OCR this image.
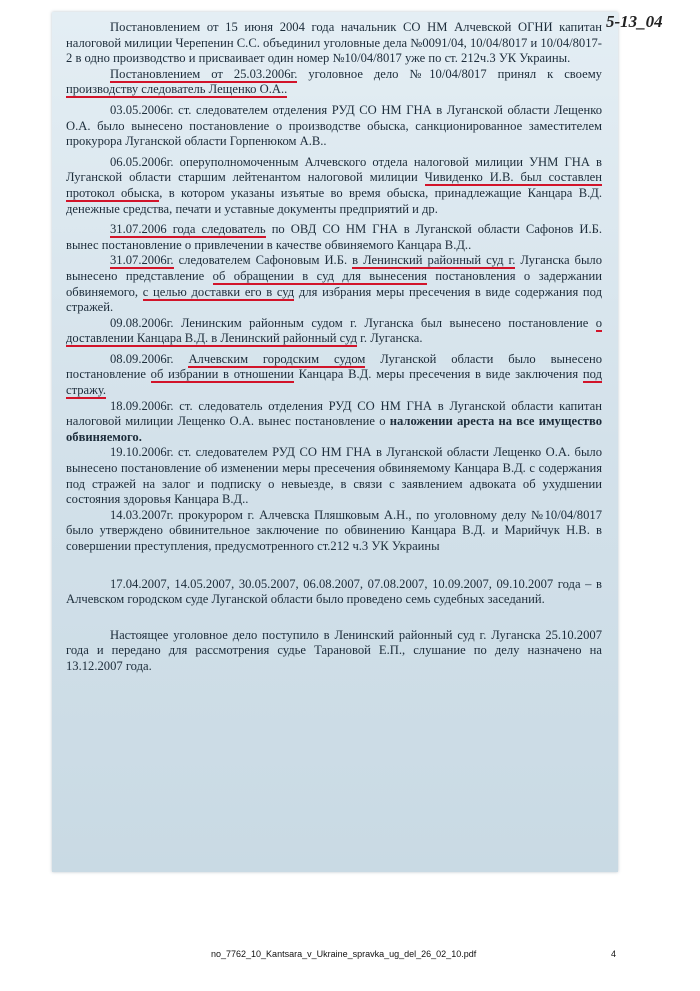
Постановлением от 15 июня 2004 года начальник СО НМ Алчевской ОГНИ капитан налоговой милиции Черепенин С.С. объединил уголовные дела №0091/04, 10/04/8017 и 10/04/8017-2 в одно производство и присваивает один номер №10/04/8017 уже по ст. 212ч.3 УК Украины.

Постановлением от 25.03.2006г. уголовное дело №10/04/8017 принял к своему производству следователь Лещенко О.А..

03.05.2006г. ст. следователем отделения РУД СО НМ ГНА в Луганской области Лещенко О.А. было вынесено постановление о производстве обыска, санкционированное заместителем прокурора Луганской области Горпенюком А.В..

06.05.2006г. оперуполномоченным Алчевского отдела налоговой милиции УНМ ГНА в Луганской области старшим лейтенантом налоговой милиции Чивиденко И.В. был составлен протокол обыска, в котором указаны изъятые во время обыска, принадлежащие Канцара В.Д. денежные средства, печати и уставные документы предприятий и др.

31.07.2006 года следователь по ОВД СО НМ ГНА в Луганской области Сафонов И.Б. вынес постановление о привлечении в качестве обвиняемого Канцара В.Д..

31.07.2006г. следователем Сафоновым И.Б. в Ленинский районный суд г. Луганска было вынесено представление об обращении в суд для вынесения постановления о задержании обвиняемого, с целью доставки его в суд для избрания меры пресечения в виде содержания под стражей.

09.08.2006г. Ленинским районным судом г. Луганска был вынесено постановление о доставлении Канцара В.Д. в Ленинский районный суд г. Луганска.

08.09.2006г. Алчевским городским судом Луганской области было вынесено постановление об избрании в отношении Канцара В.Д. меры пресечения в виде заключения под стражу.

18.09.2006г. ст. следователь отделения РУД СО НМ ГНА в Луганской области капитан налоговой милиции Лещенко О.А. вынес постановление о наложении ареста на все имущество обвиняемого.

19.10.2006г. ст. следователем РУД СО НМ ГНА в Луганской области Лещенко О.А. было вынесено постановление об изменении меры пресечения обвиняемому Канцара В.Д. с содержания под стражей на залог и подписку о невыезде, в связи с заявлением адвоката об ухудшении состояния здоровья Канцара В.Д..

14.03.2007г. прокурором г. Алчевска Пляшковым А.Н., по уголовному делу №10/04/8017 было утверждено обвинительное заключение по обвинению Канцара В.Д. и Марийчук Н.В. в совершении преступления, предусмотренного ст.212 ч.3 УК Украины

17.04.2007, 14.05.2007, 30.05.2007, 06.08.2007, 07.08.2007, 10.09.2007, 09.10.2007 года – в Алчевском городском суде Луганской области было проведено семь судебных заседаний.

Настоящее уголовное дело поступило в Ленинский районный суд г. Луганска 25.10.2007 года и передано для рассмотрения судье Тарановой Е.П., слушание по делу назначено на 13.12.2007 года.

5-13_04
no_7762_10_Kantsara_v_Ukraine_spravka_ug_del_26_02_10.pdf	4
